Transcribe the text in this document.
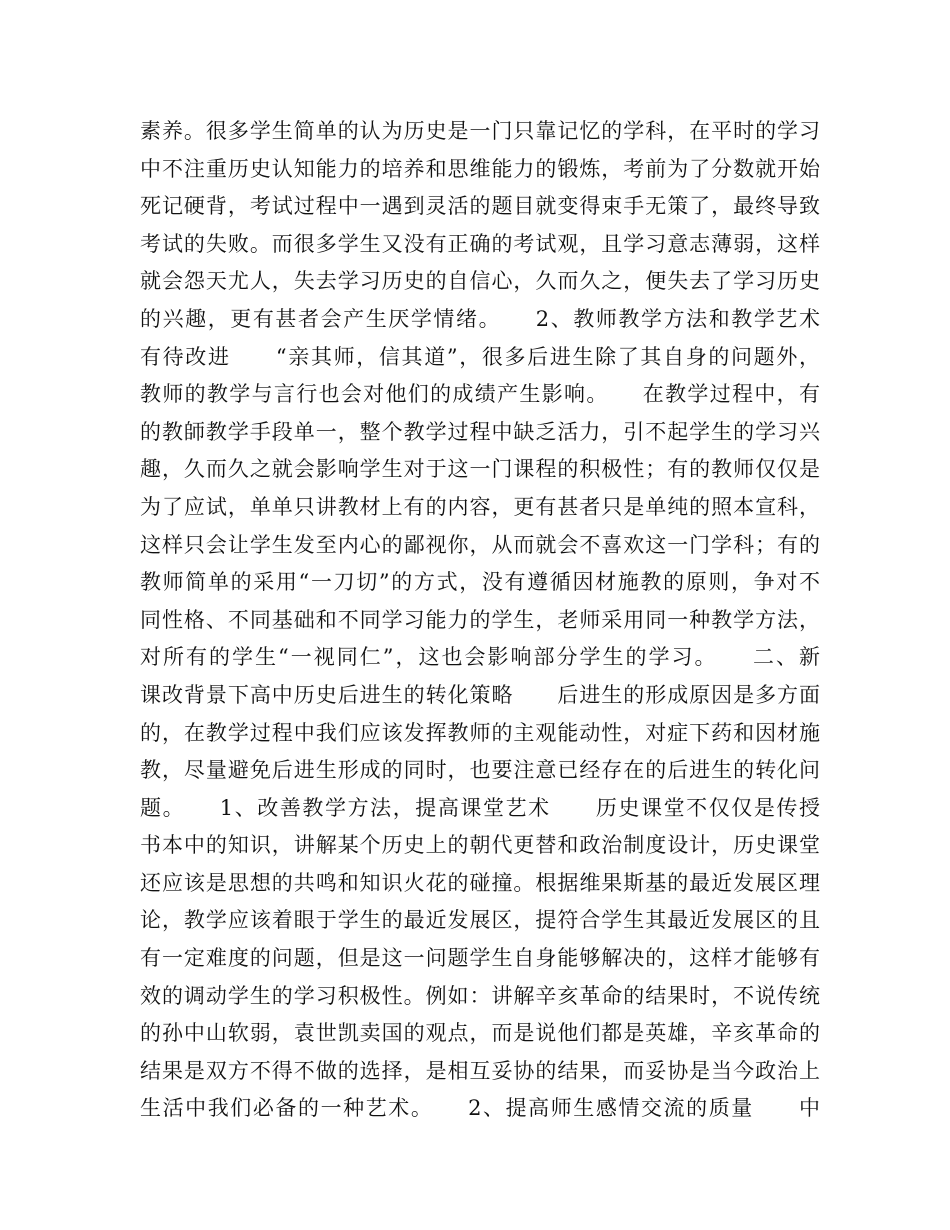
素养。很多学生简单的认为历史是一门只靠记忆的学科，在平时的学习
中不注重历史认知能力的培养和思维能力的锻炼，考前为了分数就开始
死记硬背，考试过程中一遇到灵活的题目就变得束手无策了，最终导致
考试的失败。而很多学生又没有正确的考试观，且学习意志薄弱，这样
就会怨天尤人，失去学习历史的自信心，久而久之，便失去了学习历史
的兴趣，更有甚者会产生厌学情绪。　　2、教师教学方法和教学艺术
有待改进　　“亲其师，信其道”，很多后进生除了其自身的问题外，
教师的教学与言行也会对他们的成绩产生影响。　　在教学过程中，有
的教師教学手段单一，整个教学过程中缺乏活力，引不起学生的学习兴
趣，久而久之就会影响学生对于这一门课程的积极性；有的教师仅仅是
为了应试，单单只讲教材上有的内容，更有甚者只是单纯的照本宣科，
这样只会让学生发至内心的鄙视你，从而就会不喜欢这一门学科；有的
教师简单的采用“一刀切”的方式，没有遵循因材施教的原则，争对不
同性格、不同基础和不同学习能力的学生，老师采用同一种教学方法，
对所有的学生“一视同仁”，这也会影响部分学生的学习。　　二、新
课改背景下高中历史后进生的转化策略　　后进生的形成原因是多方面
的，在教学过程中我们应该发挥教师的主观能动性，对症下药和因材施
教，尽量避免后进生形成的同时，也要注意已经存在的后进生的转化问
题。　　1、改善教学方法，提高课堂艺术　　历史课堂不仅仅是传授
书本中的知识，讲解某个历史上的朝代更替和政治制度设计，历史课堂
还应该是思想的共鸣和知识火花的碰撞。根据维果斯基的最近发展区理
论，教学应该着眼于学生的最近发展区，提符合学生其最近发展区的且
有一定难度的问题，但是这一问题学生自身能够解决的，这样才能够有
效的调动学生的学习积极性。例如：讲解辛亥革命的结果时，不说传统
的孙中山软弱，袁世凯卖国的观点，而是说他们都是英雄，辛亥革命的
结果是双方不得不做的选择，是相互妥协的结果，而妥协是当今政治上
生活中我们必备的一种艺术。　　2、提高师生感情交流的质量　　中
